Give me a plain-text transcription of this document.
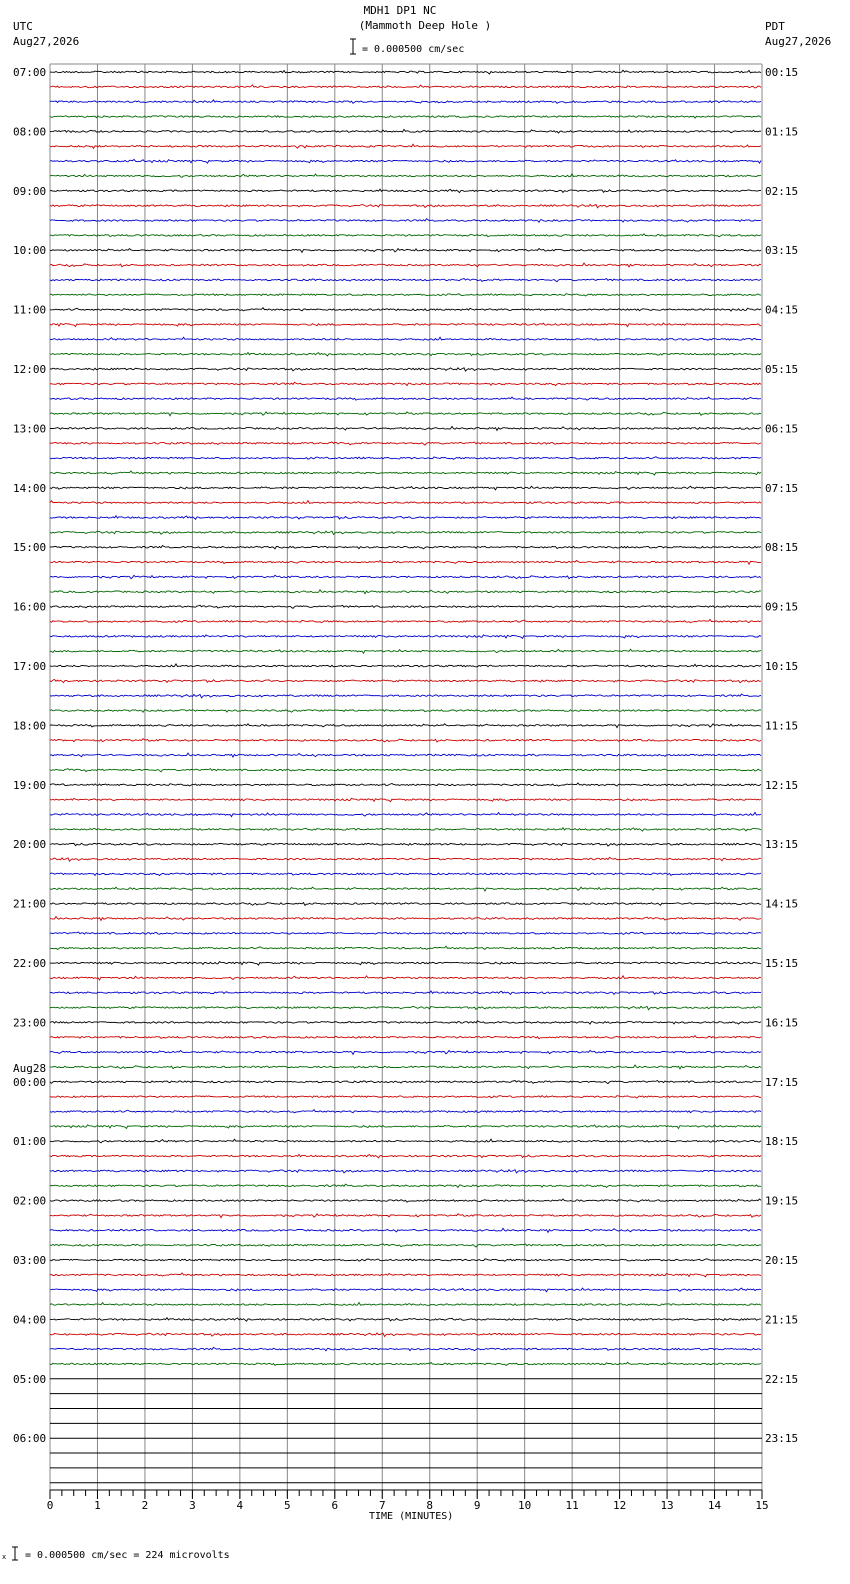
UTC
Aug27,2026
PDT
Aug27,2026
MDH1 DP1 NC
(Mammoth Deep Hole )
= 0.000500 cm/sec
07:00
08:00
09:00
10:00
11:00
12:00
13:00
14:00
15:00
16:00
17:00
18:00
19:00
20:00
21:00
22:00
23:00
00:00
Aug28
01:00
02:00
03:00
04:00
05:00
06:00
00:15
01:15
02:15
03:15
04:15
05:15
06:15
07:15
08:15
09:15
10:15
11:15
12:15
13:15
14:15
15:15
16:15
17:15
18:15
19:15
20:15
21:15
22:15
23:15
0	1	2	3	4	5	6	7	8	9	10	11	12	13	14	15
TIME (MINUTES)
x = 0.000500 cm/sec = 224 microvolts
